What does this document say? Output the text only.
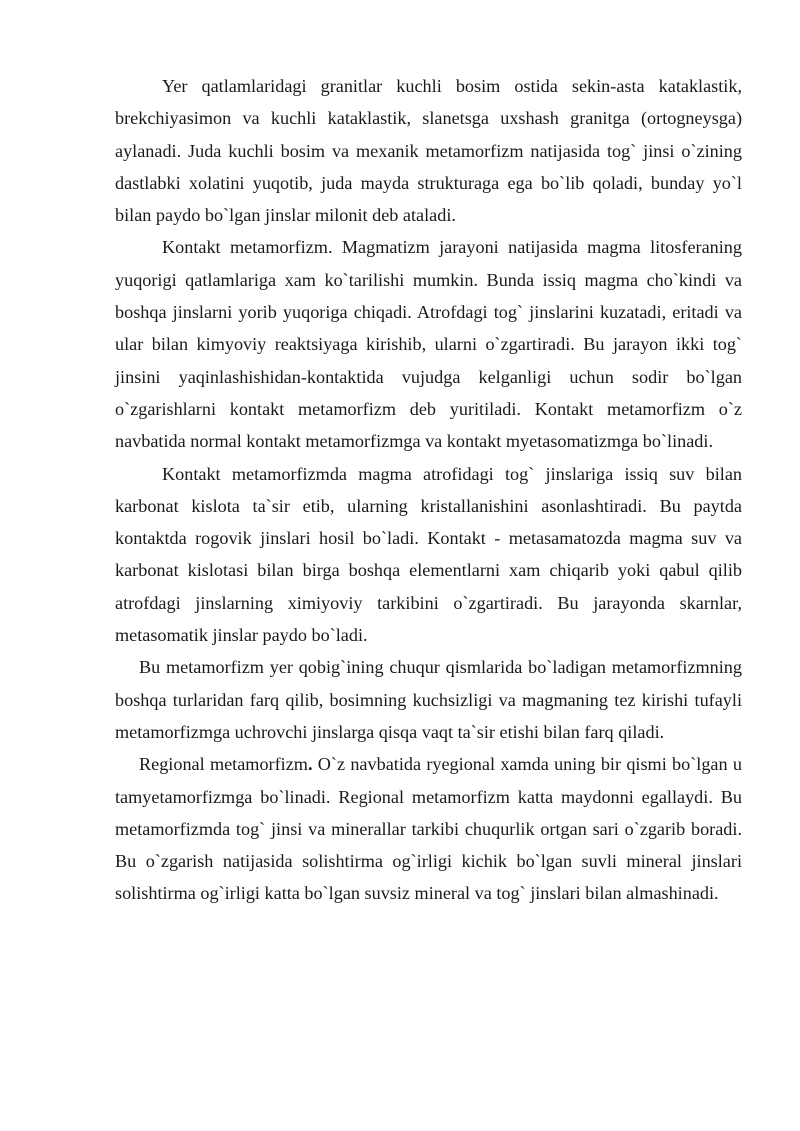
Yer qatlamlaridagi granitlar kuchli bosim ostida sekin-asta kataklastik, brekchiyasimon va kuchli kataklastik, slanetsga uxshash granitga (ortogneysga) aylanadi. Juda kuchli bosim va mexanik metamorfizm natijasida tog` jinsi o`zining dastlabki xolatini yuqotib, juda mayda strukturaga ega bo`lib qoladi, bunday yo`l bilan paydo bo`lgan jinslar milonit deb ataladi.

Kontakt metamorfizm. Magmatizm jarayoni natijasida magma litosferaning yuqorigi qatlamlariga xam ko`tarilishi mumkin. Bunda issiq magma cho`kindi va boshqa jinslarni yorib yuqoriga chiqadi. Atrofdagi tog` jinslarini kuzatadi, eritadi va ular bilan kimyoviy reaktsiyaga kirishib, ularni o`zgartiradi. Bu jarayon ikki tog` jinsini yaqinlashishidan-kontaktida vujudga kelganligi uchun sodir bo`lgan o`zgarishlarni kontakt metamorfizm deb yuritiladi. Kontakt metamorfizm o`z navbatida normal kontakt metamorfizmga va kontakt myetasomatizmga bo`linadi.

Kontakt metamorfizmda magma atrofidagi tog` jinslariga issiq suv bilan karbonat kislota ta`sir etib, ularning kristallanishini asonlashtiradi. Bu paytda kontaktda rogovik jinslari hosil bo`ladi. Kontakt - metasamatozda magma suv va karbonat kislotasi bilan birga boshqa elementlarni xam chiqarib yoki qabul qilib atrofdagi jinslarning ximiyoviy tarkibini o`zgartiradi. Bu jarayonda skarnlar, metasomatik jinslar paydo bo`ladi.

Bu metamorfizm yer qobig`ining chuqur qismlarida bo`ladigan metamorfizmning boshqa turlaridan farq qilib, bosimning kuchsizligi va magmaning tez kirishi tufayli metamorfizmga uchrovchi jinslarga qisqa vaqt ta`sir etishi bilan farq qiladi.

Regional metamorfizm. O`z navbatida ryegional xamda uning bir qismi bo`lgan u tamyetamorfizmga bo`linadi. Regional metamorfizm katta maydonni egallaydi. Bu metamorfizmda tog` jinsi va minerallar tarkibi chuqurlik ortgan sari o`zgarib boradi. Bu o`zgarish natijasida solishtirma og`irligi kichik bo`lgan suvli mineral jinslari solishtirma og`irligi katta bo`lgan suvsiz mineral va tog` jinslari bilan almashinadi.
